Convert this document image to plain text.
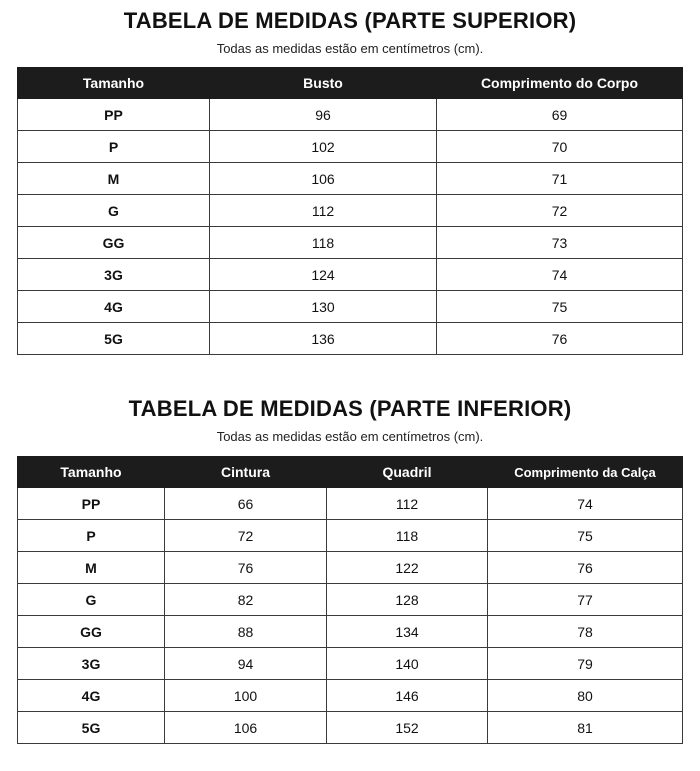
TABELA DE MEDIDAS (PARTE SUPERIOR)

Todas as medidas estão em centímetros (cm).

Tamanho	Busto	Comprimento do Corpo
PP	96	69
P	102	70
M	106	71
G	112	72
GG	118	73
3G	124	74
4G	130	75
5G	136	76
TABELA DE MEDIDAS (PARTE INFERIOR)

Todas as medidas estão em centímetros (cm).

Tamanho	Cintura	Quadril	Comprimento da Calça
PP	66	112	74
P	72	118	75
M	76	122	76
G	82	128	77
GG	88	134	78
3G	94	140	79
4G	100	146	80
5G	106	152	81
